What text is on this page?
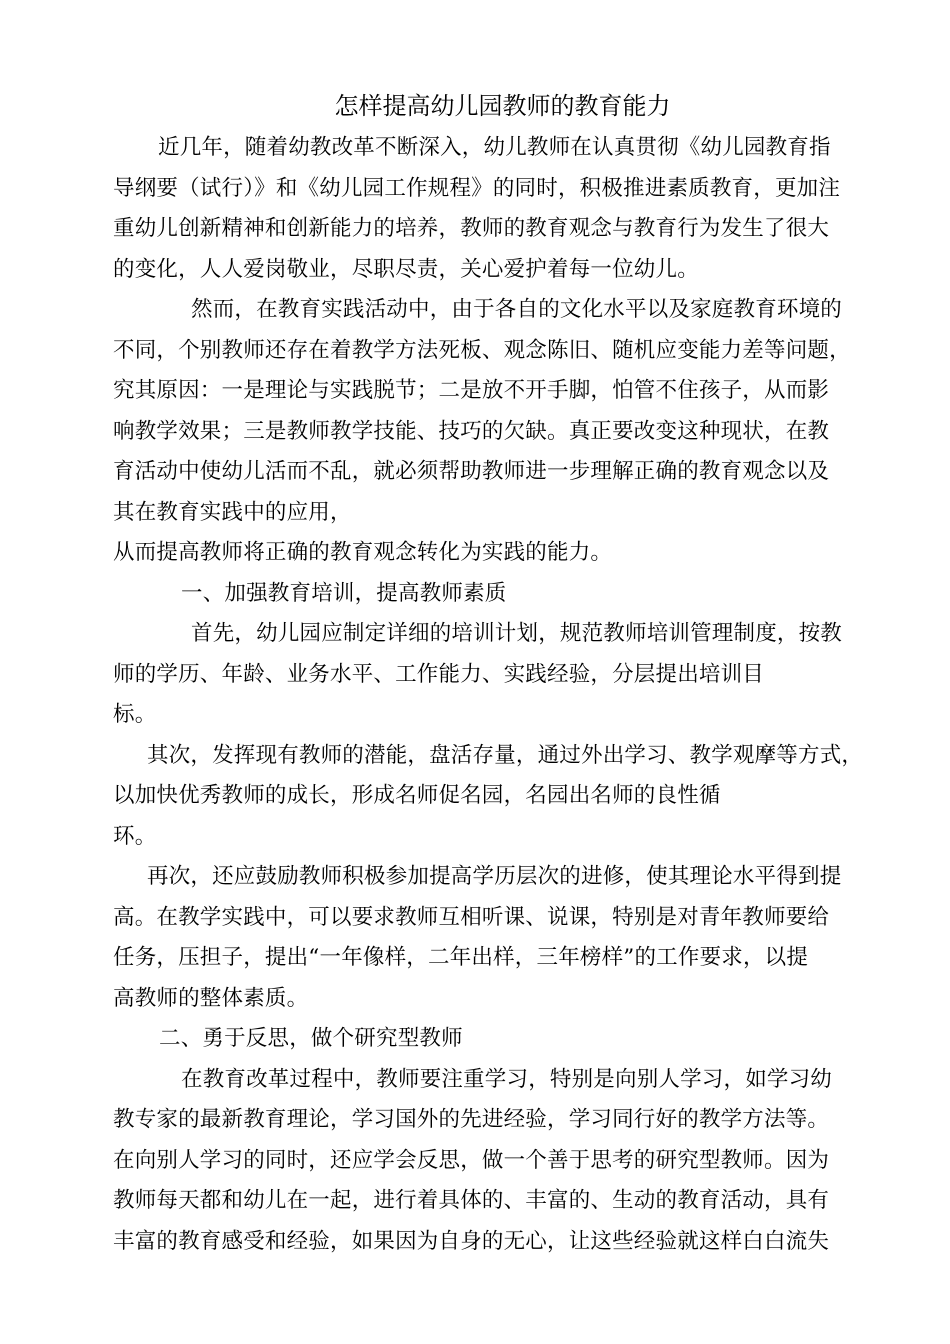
怎样提高幼儿园教师的教育能力
近几年，随着幼教改革不断深入，幼儿教师在认真贯彻《幼儿园教育指
导纲要（试行）》和《幼儿园工作规程》的同时，积极推进素质教育，更加注
重幼儿创新精神和创新能力的培养，教师的教育观念与教育行为发生了很大
的变化，人人爱岗敬业，尽职尽责，关心爱护着每一位幼儿。
然而，在教育实践活动中，由于各自的文化水平以及家庭教育环境的
不同，个别教师还存在着教学方法死板、观念陈旧、随机应变能力差等问题，
究其原因：一是理论与实践脱节；二是放不开手脚，怕管不住孩子，从而影
响教学效果；三是教师教学技能、技巧的欠缺。真正要改变这种现状，在教
育活动中使幼儿活而不乱，就必须帮助教师进一步理解正确的教育观念以及
其在教育实践中的应用，
从而提高教师将正确的教育观念转化为实践的能力。
一、加强教育培训，提高教师素质
首先，幼儿园应制定详细的培训计划，规范教师培训管理制度，按教
师的学历、年龄、业务水平、工作能力、实践经验，分层提出培训目
标。
其次，发挥现有教师的潜能，盘活存量，通过外出学习、教学观摩等方式，
以加快优秀教师的成长，形成名师促名园，名园出名师的良性循
环。
再次，还应鼓励教师积极参加提高学历层次的进修，使其理论水平得到提
高。在教学实践中，可以要求教师互相听课、说课，特别是对青年教师要给
任务，压担子，提出“一年像样，二年出样，三年榜样”的工作要求，以提
高教师的整体素质。
二、勇于反思，做个研究型教师
在教育改革过程中，教师要注重学习，特别是向别人学习，如学习幼
教专家的最新教育理论，学习国外的先进经验，学习同行好的教学方法等。
在向别人学习的同时，还应学会反思，做一个善于思考的研究型教师。因为
教师每天都和幼儿在一起，进行着具体的、丰富的、生动的教育活动，具有
丰富的教育感受和经验，如果因为自身的无心，让这些经验就这样白白流失
